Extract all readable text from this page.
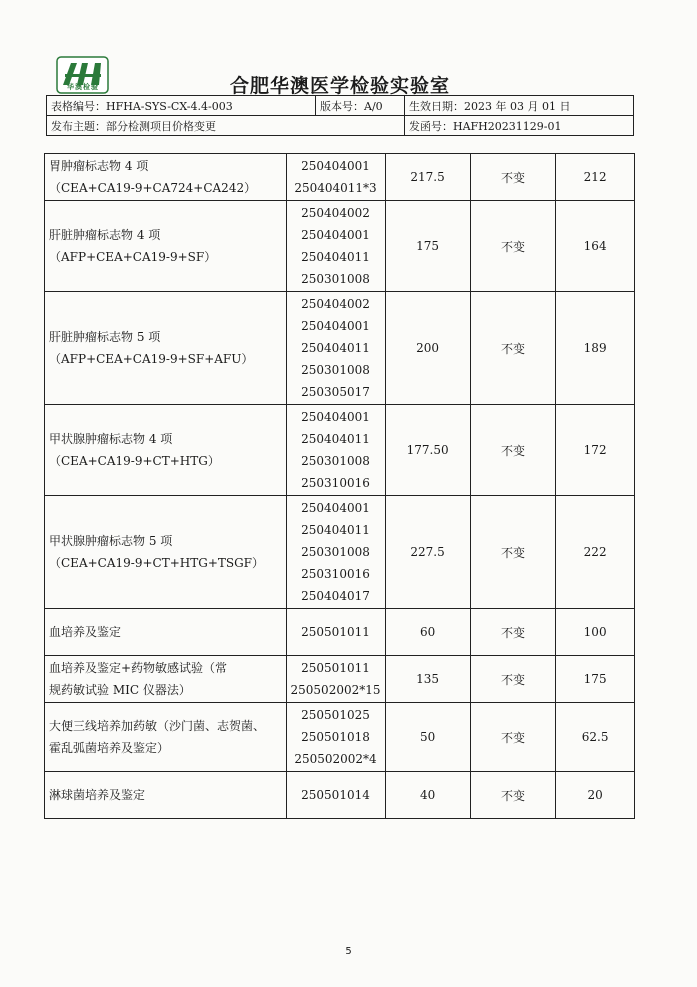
华澳检验	合肥华澳医学检验实验室
表格编号：HFHA-SYS-CX-4.4-003	版本号：A/0	生效日期：2023 年 03 月 01 日
发布主题：部分检测项目价格变更		发函号：HAFH20231129-01
胃肿瘤标志物 4 项
（CEA+CA19-9+CA724+CA242）	250404001
250404011*3	217.5	不变	212
肝脏肿瘤标志物 4 项
（AFP+CEA+CA19-9+SF）	250404002
250404001
250404011
250301008	175	不变	164
肝脏肿瘤标志物 5 项
（AFP+CEA+CA19-9+SF+AFU）	250404002
250404001
250404011
250301008
250305017	200	不变	189
甲状腺肿瘤标志物 4 项
（CEA+CA19-9+CT+HTG）	250404001
250404011
250301008
250310016	177.50	不变	172
甲状腺肿瘤标志物 5 项
（CEA+CA19-9+CT+HTG+TSGF）	250404001
250404011
250301008
250310016
250404017	227.5	不变	222
血培养及鉴定	250501011	60	不变	100
血培养及鉴定+药物敏感试验（常
规药敏试验 MIC 仪器法）	250501011
250502002*15	135	不变	175
大便三线培养加药敏（沙门菌、志贺菌、
霍乱弧菌培养及鉴定）	250501025
250501018
250502002*4	50	不变	62.5
淋球菌培养及鉴定	250501014	40	不变	20
5
